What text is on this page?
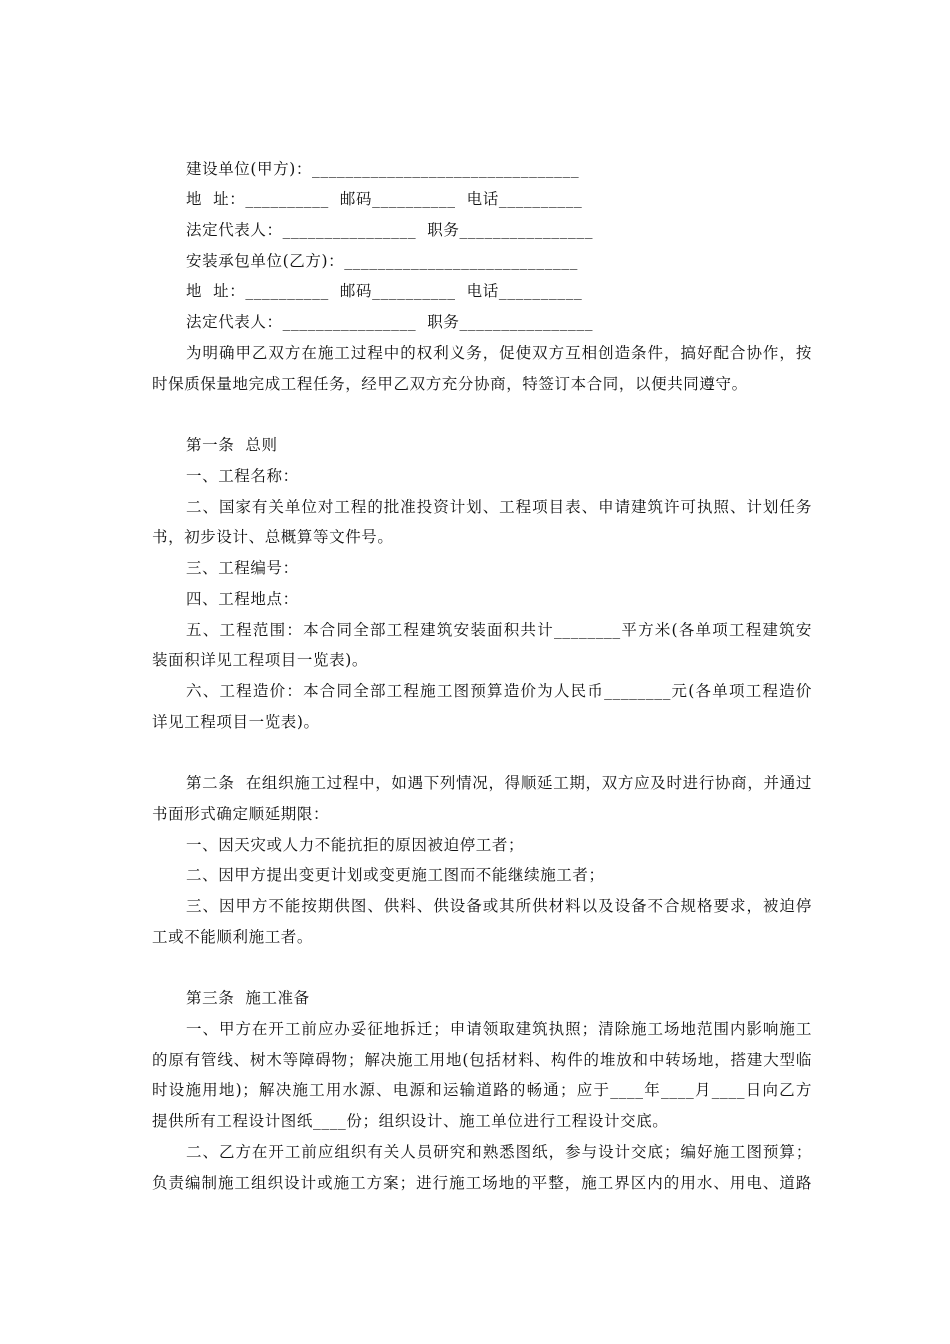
建设单位(甲方)：________________________________
地  址：__________  邮码__________  电话__________
法定代表人：________________  职务________________
安装承包单位(乙方)：____________________________
地  址：__________  邮码__________  电话__________
法定代表人：________________  职务________________
为明确甲乙双方在施工过程中的权利义务，促使双方互相创造条件，搞好配合协作，按
时保质保量地完成工程任务，经甲乙双方充分协商，特签订本合同，以便共同遵守。
第一条  总则
一、工程名称：
二、国家有关单位对工程的批准投资计划、工程项目表、申请建筑许可执照、计划任务
书，初步设计、总概算等文件号。
三、工程编号：
四、工程地点：
五、工程范围：本合同全部工程建筑安装面积共计________平方米(各单项工程建筑安
装面积详见工程项目一览表)。
六、工程造价：本合同全部工程施工图预算造价为人民币________元(各单项工程造价
详见工程项目一览表)。
第二条  在组织施工过程中，如遇下列情况，得顺延工期，双方应及时进行协商，并通过
书面形式确定顺延期限：
一、因天灾或人力不能抗拒的原因被迫停工者；
二、因甲方提出变更计划或变更施工图而不能继续施工者；
三、因甲方不能按期供图、供料、供设备或其所供材料以及设备不合规格要求，被迫停
工或不能顺利施工者。
第三条  施工准备
一、甲方在开工前应办妥征地拆迁；申请领取建筑执照；清除施工场地范围内影响施工
的原有管线、树木等障碍物；解决施工用地(包括材料、构件的堆放和中转场地，搭建大型临
时设施用地)；解决施工用水源、电源和运输道路的畅通；应于____年____月____日向乙方
提供所有工程设计图纸____份；组织设计、施工单位进行工程设计交底。
二、乙方在开工前应组织有关人员研究和熟悉图纸，参与设计交底；编好施工图预算；
负责编制施工组织设计或施工方案；进行施工场地的平整，施工界区内的用水、用电、道路
